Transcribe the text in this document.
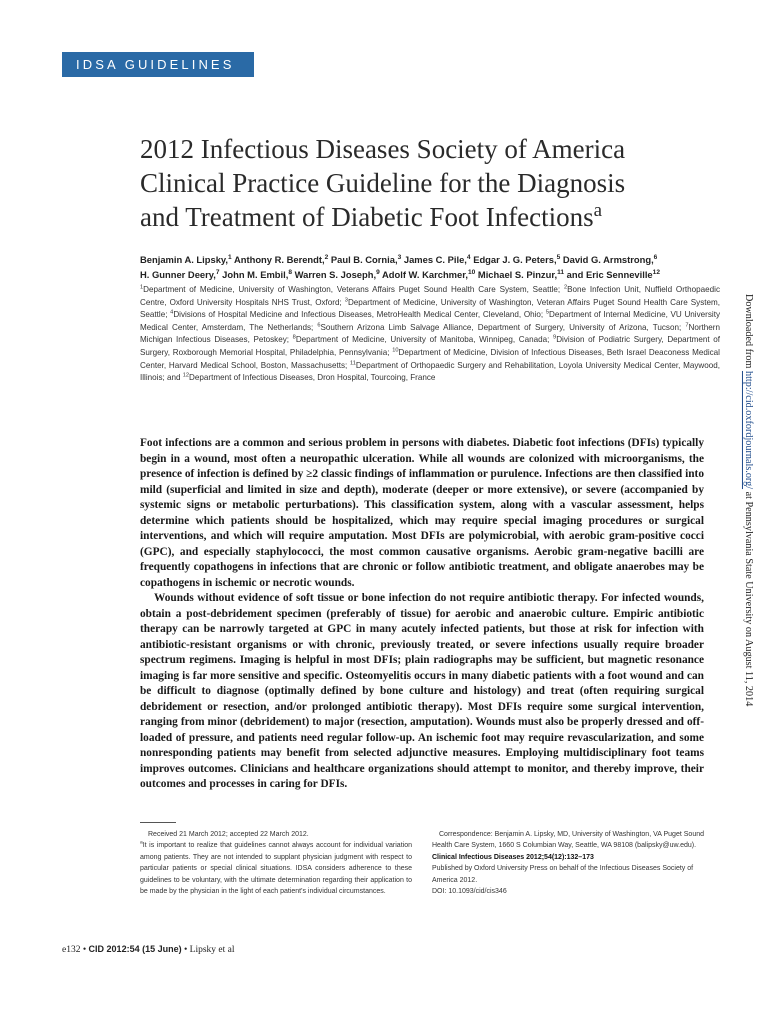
IDSA GUIDELINES
2012 Infectious Diseases Society of America
Clinical Practice Guideline for the Diagnosis
and Treatment of Diabetic Foot Infections$^a$
Benjamin A. Lipsky,$^1$ Anthony R. Berendt,$^2$ Paul B. Cornia,$^3$ James C. Pile,$^4$ Edgar J. G. Peters,$^5$ David G. Armstrong,$^6$
H. Gunner Deery,$^7$ John M. Embil,$^8$ Warren S. Joseph,$^9$ Adolf W. Karchmer,$^{10}$ Michael S. Pinzur,$^{11}$ and Eric Senneville$^{12}$
$^1$Department of Medicine, University of Washington, Veterans Affairs Puget Sound Health Care System, Seattle; $^2$Bone Infection Unit, Nuffield Orthopaedic Centre, Oxford University Hospitals NHS Trust, Oxford; $^3$Department of Medicine, University of Washington, Veteran Affairs Puget Sound Health Care System, Seattle; $^4$Divisions of Hospital Medicine and Infectious Diseases, MetroHealth Medical Center, Cleveland, Ohio; $^5$Department of Internal Medicine, VU University Medical Center, Amsterdam, The Netherlands; $^6$Southern Arizona Limb Salvage Alliance, Department of Surgery, University of Arizona, Tucson; $^7$Northern Michigan Infectious Diseases, Petoskey; $^8$Department of Medicine, University of Manitoba, Winnipeg, Canada; $^9$Division of Podiatric Surgery, Department of Surgery, Roxborough Memorial Hospital, Philadelphia, Pennsylvania; $^{10}$Department of Medicine, Division of Infectious Diseases, Beth Israel Deaconess Medical Center, Harvard Medical School, Boston, Massachusetts; $^{11}$Department of Orthopaedic Surgery and Rehabilitation, Loyola University Medical Center, Maywood, Illinois; and $^{12}$Department of Infectious Diseases, Dron Hospital, Tourcoing, France
Downloaded from http://cid.oxfordjournals.org/ at Pennsylvania State University on August 11, 2014

Foot infections are a common and serious problem in persons with diabetes. Diabetic foot infections (DFIs) typically begin in a wound, most often a neuropathic ulceration. While all wounds are colonized with microorganisms, the presence of infection is defined by ≥2 classic findings of inflammation or purulence. Infections are then classified into mild (superficial and limited in size and depth), moderate (deeper or more extensive), or severe (accompanied by systemic signs or metabolic perturbations). This classification system, along with a vascular assessment, helps determine which patients should be hospitalized, which may require special imaging procedures or surgical interventions, and which will require amputation. Most DFIs are polymicrobial, with aerobic gram-positive cocci (GPC), and especially staphylococci, the most common causative organisms. Aerobic gram-negative bacilli are frequently copathogens in infections that are chronic or follow antibiotic treatment, and obligate anaerobes may be copathogens in ischemic or necrotic wounds.

Wounds without evidence of soft tissue or bone infection do not require antibiotic therapy. For infected wounds, obtain a post-debridement specimen (preferably of tissue) for aerobic and anaerobic culture. Empiric antibiotic therapy can be narrowly targeted at GPC in many acutely infected patients, but those at risk for infection with antibiotic-resistant organisms or with chronic, previously treated, or severe infections usually require broader spectrum regimens. Imaging is helpful in most DFIs; plain radiographs may be sufficient, but magnetic resonance imaging is far more sensitive and specific. Osteomyelitis occurs in many diabetic patients with a foot wound and can be difficult to diagnose (optimally defined by bone culture and histology) and treat (often requiring surgical debridement or resection, and/or prolonged antibiotic therapy). Most DFIs require some surgical intervention, ranging from minor (debridement) to major (resection, amputation). Wounds must also be properly dressed and off-loaded of pressure, and patients need regular follow-up. An ischemic foot may require revascularization, and some nonresponding patients may benefit from selected adjunctive measures. Employing multidisciplinary foot teams improves outcomes. Clinicians and healthcare organizations should attempt to monitor, and thereby improve, their outcomes and processes in caring for DFIs.

Received 21 March 2012; accepted 22 March 2012.
$^a$It is important to realize that guidelines cannot always account for individual variation among patients. They are not intended to supplant physician judgment with respect to particular patients or special clinical situations. IDSA considers adherence to these guidelines to be voluntary, with the ultimate determination regarding their application to be made by the physician in the light of each patient's individual circumstances.
Correspondence: Benjamin A. Lipsky, MD, University of Washington, VA Puget Sound Health Care System, 1660 S Columbian Way, Seattle, WA 98108 (balipsky@uw.edu).
Clinical Infectious Diseases 2012;54(12):132–173
Published by Oxford University Press on behalf of the Infectious Diseases Society of America 2012.
DOI: 10.1093/cid/cis346
e132 • CID 2012:54 (15 June) • Lipsky et al
